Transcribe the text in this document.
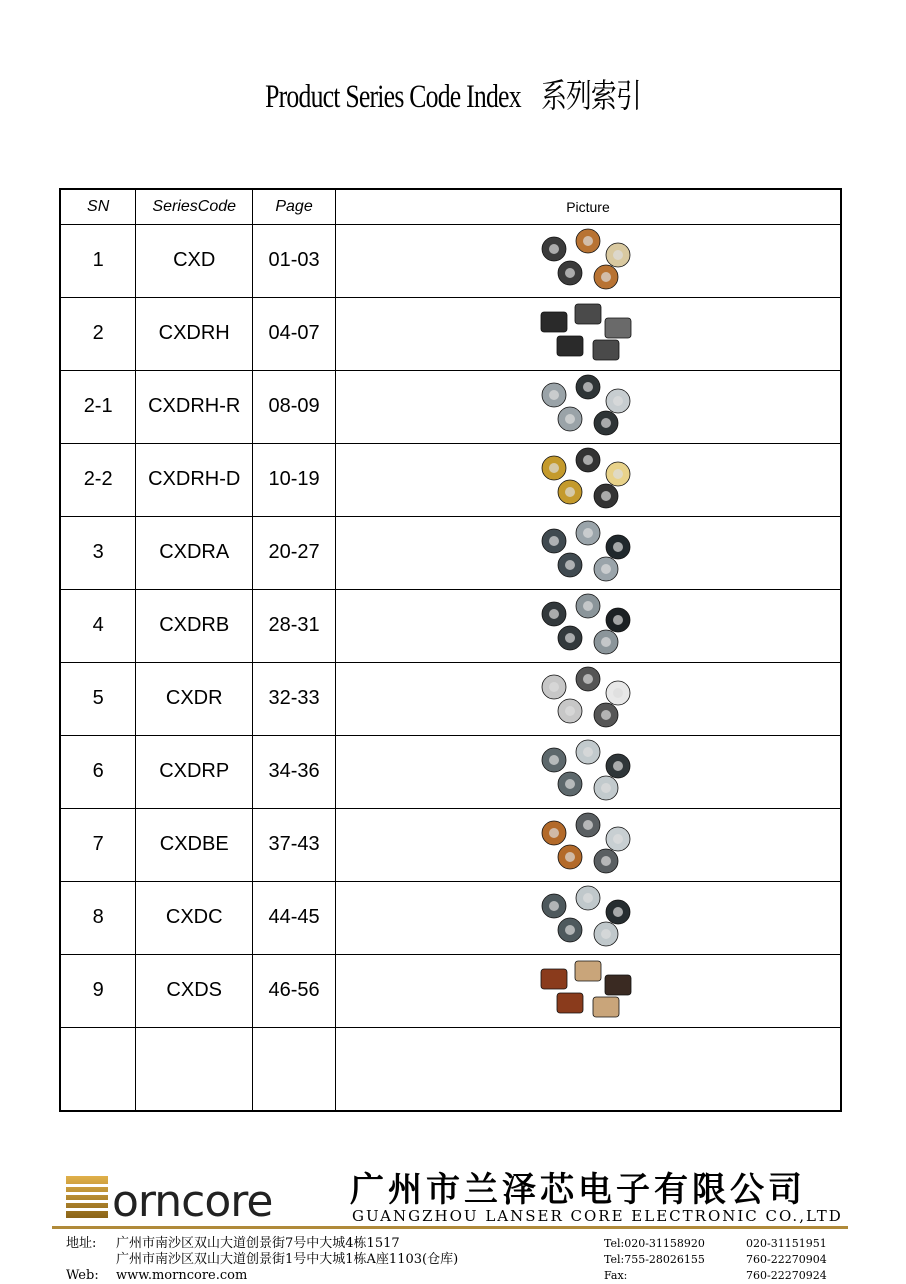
Product Series Code Index 系列索引
SN	SeriesCode	Page	Picture
1	CXD	01-03	

2	CXDRH	04-07	

2-1	CXDRH-R	08-09	

2-2	CXDRH-D	10-19	

3	CXDRA	20-27	

4	CXDRB	28-31	

5	CXDR	32-33	

6	CXDRP	34-36	

7	CXDBE	37-43	

8	CXDC	44-45	

9	CXDS	46-56	

orncore 广州市兰泽芯电子有限公司
GUANGZHOU LANSER CORE ELECTRONIC CO.,LTD
地址: 广州市南沙区双山大道创景街7号中大城4栋1517
广州市南沙区双山大道创景街1号中大城1栋A座1103(仓库)
Web: www.morncore.com
Tel:020-31158920	020-31151951
Tel:755-28026155	760-22270904
Fax:	760-22270924
